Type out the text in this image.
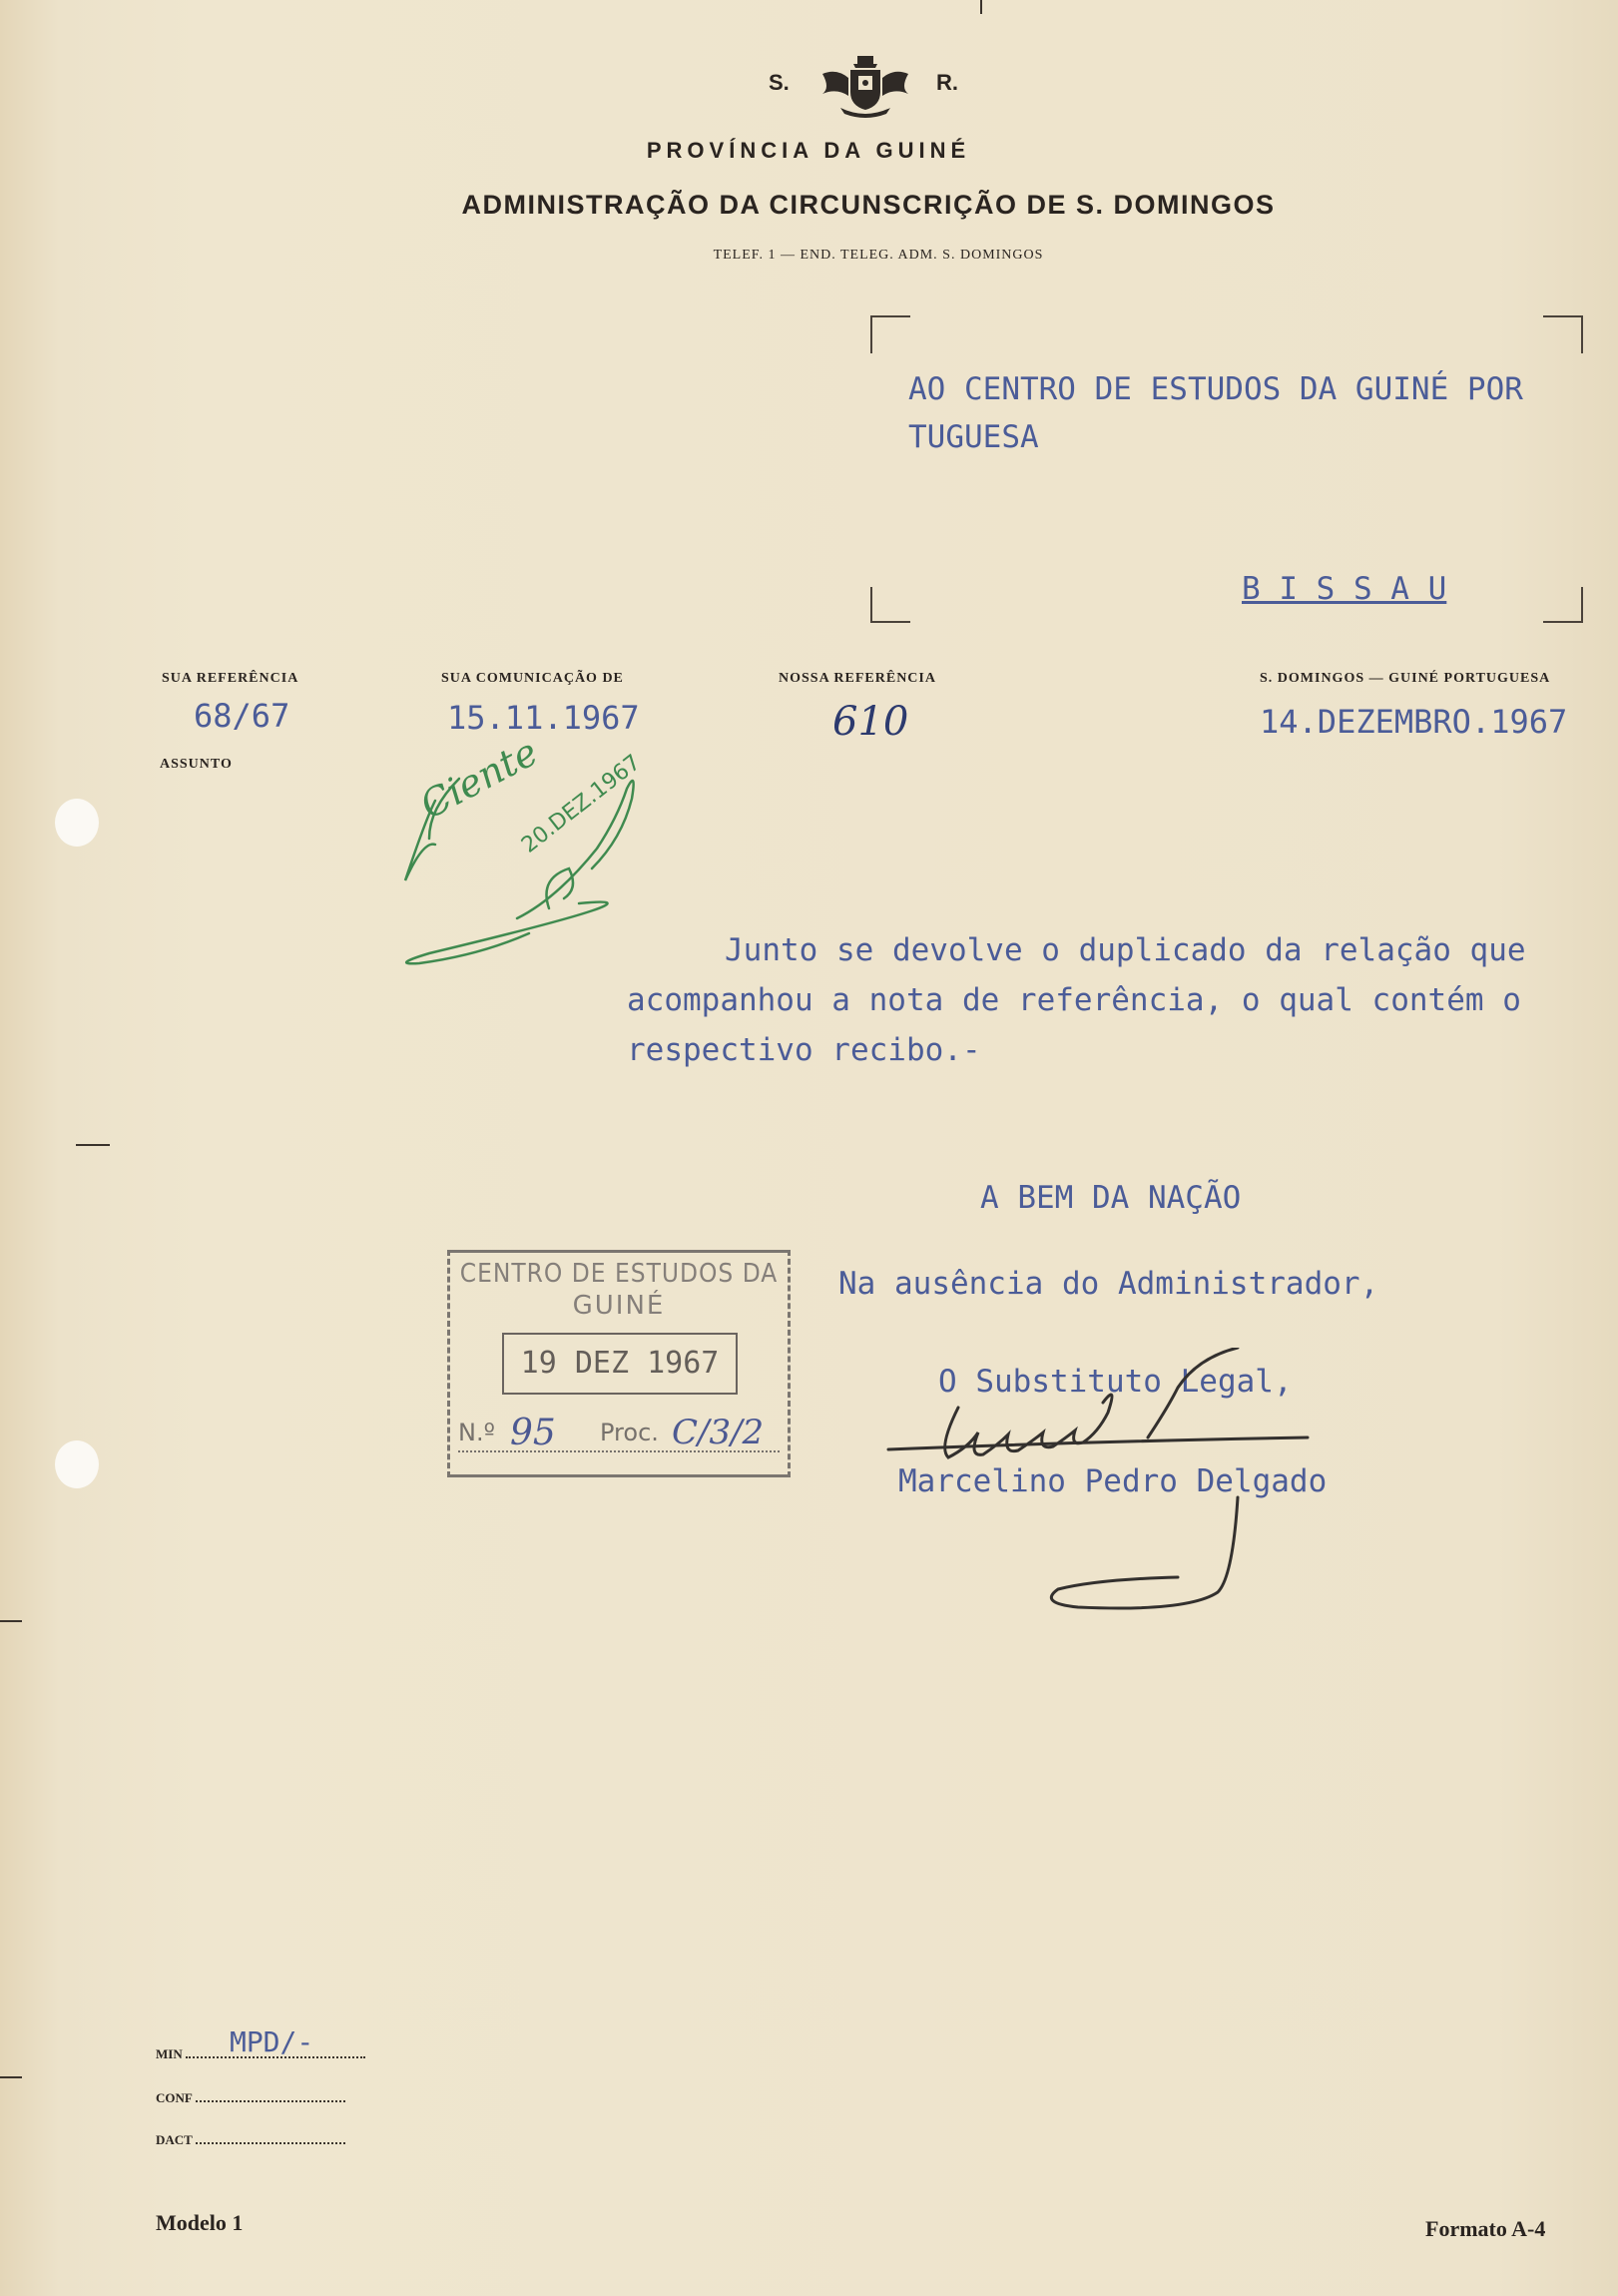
S.	R.
PROVÍNCIA DA GUINÉ
ADMINISTRAÇÃO DA CIRCUNSCRIÇÃO DE S. DOMINGOS
TELEF. 1 — END. TELEG. ADM. S. DOMINGOS
AO CENTRO DE ESTUDOS DA GUINÉ POR
TUGUESA
B I S S A U
SUA REFERÊNCIA
68/67
SUA COMUNICAÇÃO DE
15.11.1967
NOSSA REFERÊNCIA
610
S. DOMINGOS — GUINÉ PORTUGUESA
14.DEZEMBRO.1967
ASSUNTO	Ciente
20.DEZ.1967
Junto se devolve o duplicado da relação que
acompanhou a nota de referência, o qual contém o
respectivo recibo.-
A BEM DA NAÇÃO
Na ausência do Administrador,
O Substituto Legal,
Marcelino Pedro Delgado
CENTRO DE ESTUDOS DA
GUINÉ
19 DEZ 1967
N.º 95 Proc. C/3/2
MIN MPD/-
CONF
DACT
Modelo 1	Formato A-4
